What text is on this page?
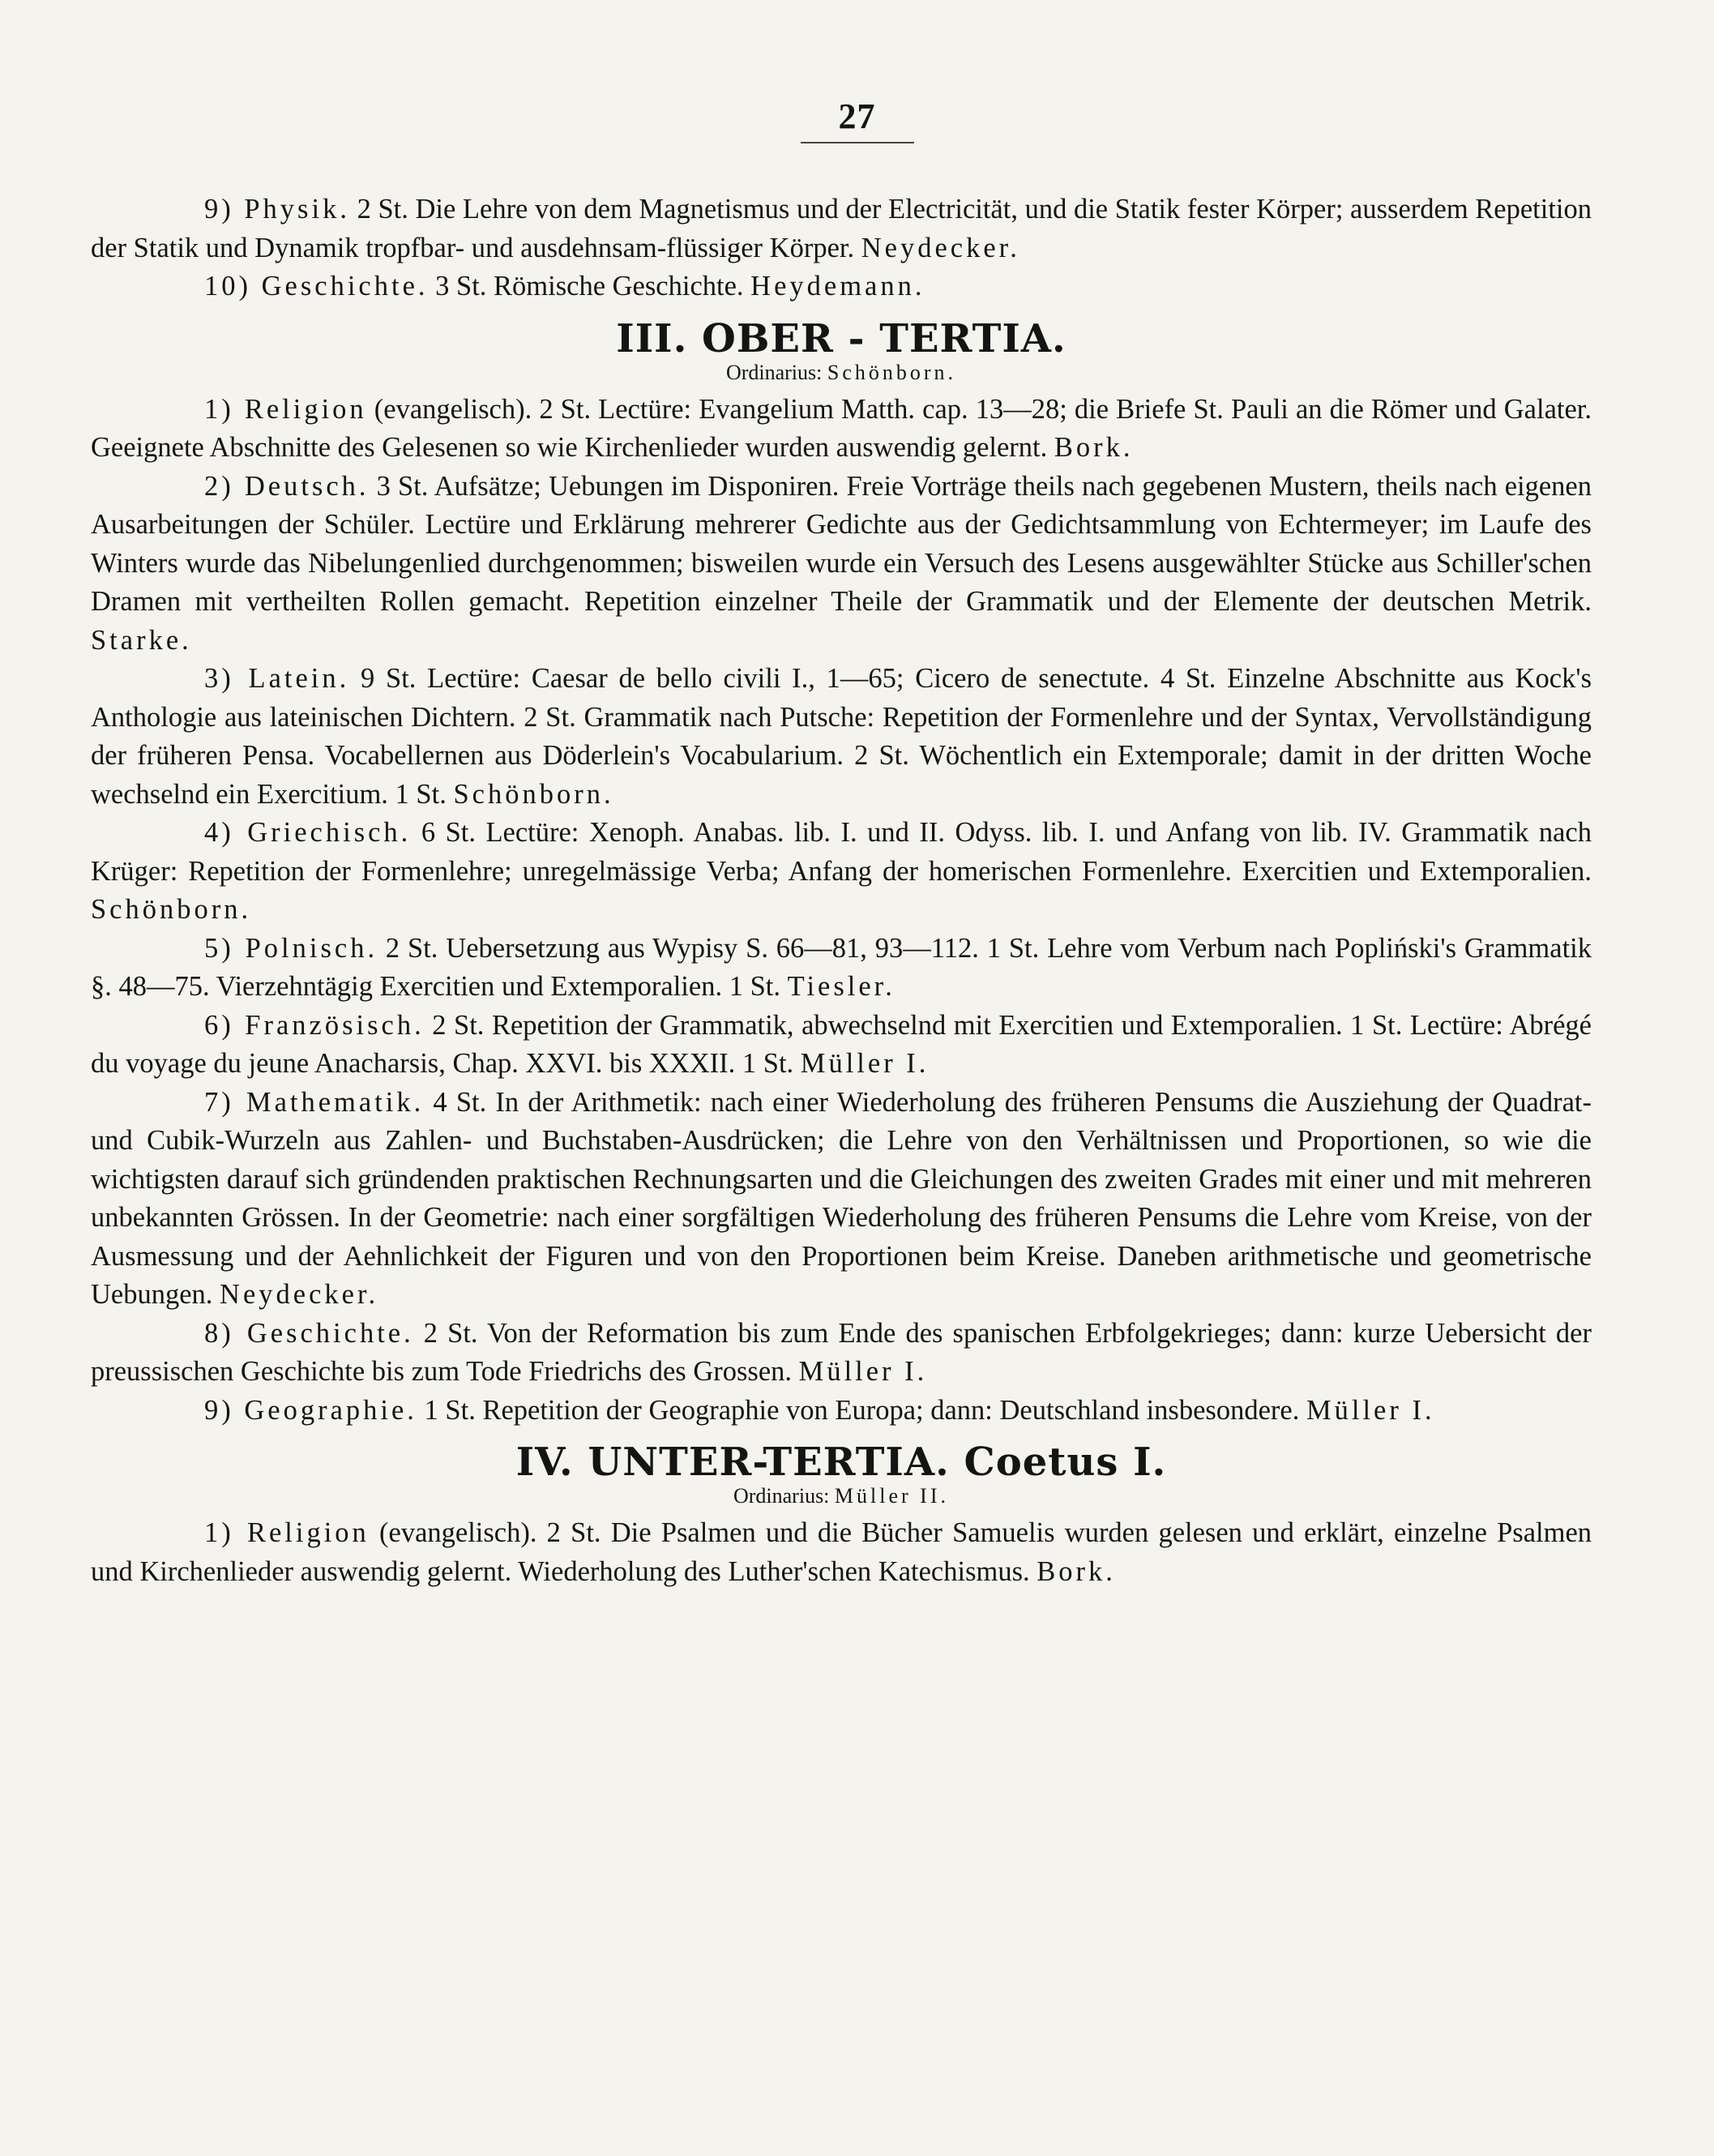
27

9) Physik. 2 St. Die Lehre von dem Magnetismus und der Electricität, und die Statik fester Körper; ausserdem Repetition der Statik und Dynamik tropfbar- und ausdehnsam-flüssiger Körper. Neydecker.

10) Geschichte. 3 St. Römische Geschichte. Heydemann.

III. OBER - TERTIA.
Ordinarius: Schönborn.

1) Religion (evangelisch). 2 St. Lectüre: Evangelium Matth. cap. 13—28; die Briefe St. Pauli an die Römer und Galater. Geeignete Abschnitte des Gelesenen so wie Kirchenlieder wurden auswendig gelernt. Bork.

2) Deutsch. 3 St. Aufsätze; Uebungen im Disponiren. Freie Vorträge theils nach gegebenen Mustern, theils nach eigenen Ausarbeitungen der Schüler. Lectüre und Erklärung mehrerer Gedichte aus der Gedichtsammlung von Echtermeyer; im Laufe des Winters wurde das Nibelungenlied durchgenommen; bisweilen wurde ein Versuch des Lesens ausgewählter Stücke aus Schiller'schen Dramen mit vertheilten Rollen gemacht. Repetition einzelner Theile der Grammatik und der Elemente der deutschen Metrik. Starke.

3) Latein. 9 St. Lectüre: Caesar de bello civili I., 1—65; Cicero de senectute. 4 St. Einzelne Abschnitte aus Kock's Anthologie aus lateinischen Dichtern. 2 St. Grammatik nach Putsche: Repetition der Formenlehre und der Syntax, Vervollständigung der früheren Pensa. Vocabellernen aus Döderlein's Vocabularium. 2 St. Wöchentlich ein Extemporale; damit in der dritten Woche wechselnd ein Exercitium. 1 St. Schönborn.

4) Griechisch. 6 St. Lectüre: Xenoph. Anabas. lib. I. und II. Odyss. lib. I. und Anfang von lib. IV. Grammatik nach Krüger: Repetition der Formenlehre; unregelmässige Verba; Anfang der homerischen Formenlehre. Exercitien und Extemporalien. Schönborn.

5) Polnisch. 2 St. Uebersetzung aus Wypisy S. 66—81, 93—112. 1 St. Lehre vom Verbum nach Popliński's Grammatik §. 48—75. Vierzehntägig Exercitien und Extemporalien. 1 St. Tiesler.

6) Französisch. 2 St. Repetition der Grammatik, abwechselnd mit Exercitien und Extemporalien. 1 St. Lectüre: Abrégé du voyage du jeune Anacharsis, Chap. XXVI. bis XXXII. 1 St. Müller I.

7) Mathematik. 4 St. In der Arithmetik: nach einer Wiederholung des früheren Pensums die Ausziehung der Quadrat- und Cubik-Wurzeln aus Zahlen- und Buchstaben-Ausdrücken; die Lehre von den Verhältnissen und Proportionen, so wie die wichtigsten darauf sich gründenden praktischen Rechnungsarten und die Gleichungen des zweiten Grades mit einer und mit mehreren unbekannten Grössen. In der Geometrie: nach einer sorgfältigen Wiederholung des früheren Pensums die Lehre vom Kreise, von der Ausmessung und der Aehnlichkeit der Figuren und von den Proportionen beim Kreise. Daneben arithmetische und geometrische Uebungen. Neydecker.

8) Geschichte. 2 St. Von der Reformation bis zum Ende des spanischen Erbfolgekrieges; dann: kurze Uebersicht der preussischen Geschichte bis zum Tode Friedrichs des Grossen. Müller I.

9) Geographie. 1 St. Repetition der Geographie von Europa; dann: Deutschland insbesondere. Müller I.

IV. UNTER-TERTIA. Coetus I.
Ordinarius: Müller II.

1) Religion (evangelisch). 2 St. Die Psalmen und die Bücher Samuelis wurden gelesen und erklärt, einzelne Psalmen und Kirchenlieder auswendig gelernt. Wiederholung des Luther'schen Katechismus. Bork.
